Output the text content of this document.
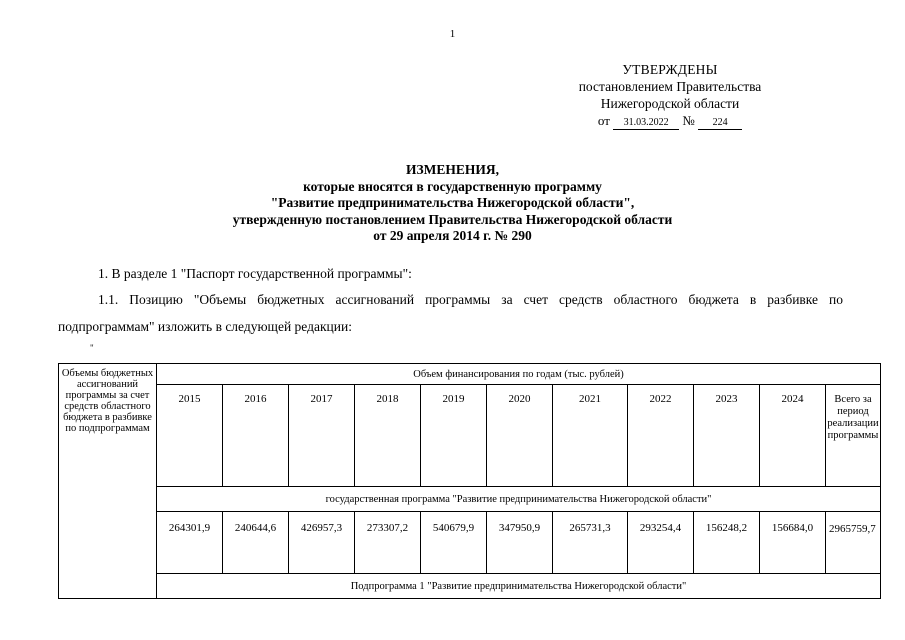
1
УТВЕРЖДЕНЫ
постановлением Правительства
Нижегородской области
от 31.03.2022 № 224
ИЗМЕНЕНИЯ,
которые вносятся в государственную программу
"Развитие предпринимательства Нижегородской области",
утвержденную постановлением Правительства Нижегородской области
от 29 апреля 2014 г. № 290
1. В разделе 1 "Паспорт государственной программы":
1.1. Позицию "Объемы бюджетных ассигнований программы за счет средств областного бюджета в разбивке по
подпрограммам" изложить в следующей редакции:
"
Объемы бюджетных ассигнований программы за счет средств областного бюджета в разбивке по подпрограммам	Объем финансирования по годам (тыс. рублей)										
	2015	2016	2017	2018	2019	2020	2021	2022	2023	2024	Всего за период реализации программы
	государственная программа "Развитие предпринимательства Нижегородской области"										
	264301,9	240644,6	426957,3	273307,2	540679,9	347950,9	265731,3	293254,4	156248,2	156684,0	2965759,7
	Подпрограмма 1 "Развитие предпринимательства Нижегородской области"										
